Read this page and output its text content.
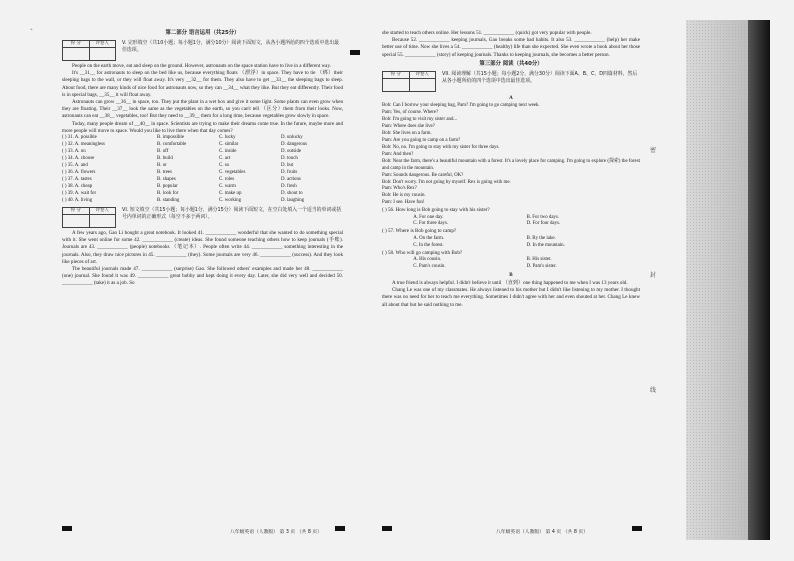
+	第二部分 语言运用（共25分）
得 分	评卷人	V. 完形填空（共10小题；每小题1分，满分10分）阅读下面短文，从各小题所给的四个选项中选出最佳选项。

People on the earth move, eat and sleep on the ground. However, astronauts on the space station have to live in a different way.

It's __31__ for astronauts to sleep on the bed like us, because everything floats （漂浮）in space. They have to tie （绑）their sleeping bags to the wall, or they will float away. It's very __32__ for them. They also have to get __33__ the sleeping bags to sleep. About food, there are many kinds of nice food for astronauts now, so they can __34__ what they like. But they eat differently. Their food is in special bags, __35__ it will float away.

Astronauts can grow __36__ in space, too. They put the plant in a wet box and give it some light. Some plants can even grow when they are floating. Their __37__ look the same as the vegetables on the earth, so you can't tell （区分）them from their looks. Now, astronauts can eat __38__ vegetables, too! But they need to __39__ them for a long time, because vegetables grow slowly in space.

Today, many people dream of __40__ in space. Scientists are trying to make their dreams come true. In the future, maybe more and more people will move to space. Would you like to live there when that day comes?

( ) 31. A. possible	B. impossible	C. lucky	D. unlucky
( ) 32. A. meaningless	B. comfortable	C. similar	D. dangerous
( ) 33. A. on	B. off	C. inside	D. outside
( ) 34. A. choose	B. build	C. act	D. touch
( ) 35. A. and	B. or	C. so	D. but
( ) 36. A. flowers	B. trees	C. vegetables	D. fruits
( ) 37. A. tastes	B. shapes	C. roles	D. actions
( ) 38. A. cheap	B. popular	C. warm	D. fresh
( ) 39. A. wait for	B. look for	C. make up	D. shout to
( ) 40. A. living	B. standing	C. working	D. laughing
得 分	评卷人	VI. 短文填空（共15小题；每小题1分，满分15分）阅读下面短文，在空白处填入一个适当的单词或括号内单词的正确形式（每空不多于两词）。

A few years ago, Gao Li bought a great notebook. It looked 41. ____________ wonderful that she wanted to do something special with it. She went online for some 42. ____________ (create) ideas. She found someone teaching others how to keep journals (手账). Journals are 43. ____________ (people) notebooks （笔记本）. People often write 44. ____________ something interesting in the journals. Also, they draw nice pictures in 45. ____________ (they). Some journals are very 46. ____________ (success). And they look like pieces of art.

The beautiful journals made 47. ____________ (surprise) Gao. She followed others' examples and made her 48. ____________ (one) journal. She found it was 49. ____________ great hobby and kept doing it every day. Later, she did very well and decided 50. ____________ (take) it as a job. So

she started to teach others online. Her lessons 51. ____________ (quick) got very popular with people.

Because 52. ____________ keeping journals, Gao breaks some bad habits. It also 53. ____________ (help) her make better use of time. Now she lives a 54. ____________ (healthy) life than she expected. She even wrote a book about her those special 55. ____________ (story) of keeping journals. Thanks to keeping journals, she becomes a better person.

第三部分 阅读（共40分）
得 分	评卷人	VII. 阅读理解（共15小题；每小题2分，满分30分）阅读下面A、B、C、D四篇材料，然后从各小题所给的四个选项中选出最佳选项。
A

Bob: Can I borrow your sleeping bag, Pam? I'm going to go camping next week.

Pam: Yes, of course. Where?

Bob: I'm going to visit my sister and...

Pam: Where does she live?

Bob: She lives on a farm.

Pam: Are you going to camp on a farm?

Bob: No, no. I'm going to stay with my sister for three days.

Pam: And then?

Bob: Near the farm, there's a beautiful mountain with a forest. It's a lovely place for camping. I'm going to explore (探索) the forest and camp in the mountain.

Pam: Sounds dangerous. Be careful, OK?

Bob: Don't worry. I'm not going by myself. Rex is going with me.

Pam: Who's Rex?

Bob: He is my cousin.

Pam: I see. Have fun!

( ) 56. How long is Bob going to stay with his sister?
A. For one day.	B. For two days.
C. For three days.	D. For four days.
( ) 57. Where is Bob going to camp?
A. On the farm.	B. By the lake.
C. In the forest.	D. In the mountain.
( ) 58. Who will go camping with Bob?
A. His cousin.	B. His sister.
C. Pam's cousin.	D. Pam's sister.
B

A true friend is always helpful. I didn't believe it until （直到）one thing happened to me when I was 13 years old.

Chang Le was one of my classmates. He always listened to his mother but I didn't like listening to my mother. I thought there was no need for her to teach me everything. Sometimes I didn't agree with her and even shouted at her. Chang Le knew all about that but he said nothing to me.

八年级英语（人教版） 第 3 页 （共 8 页）	八年级英语（人教版） 第 4 页 （共 8 页）
密
封
线
